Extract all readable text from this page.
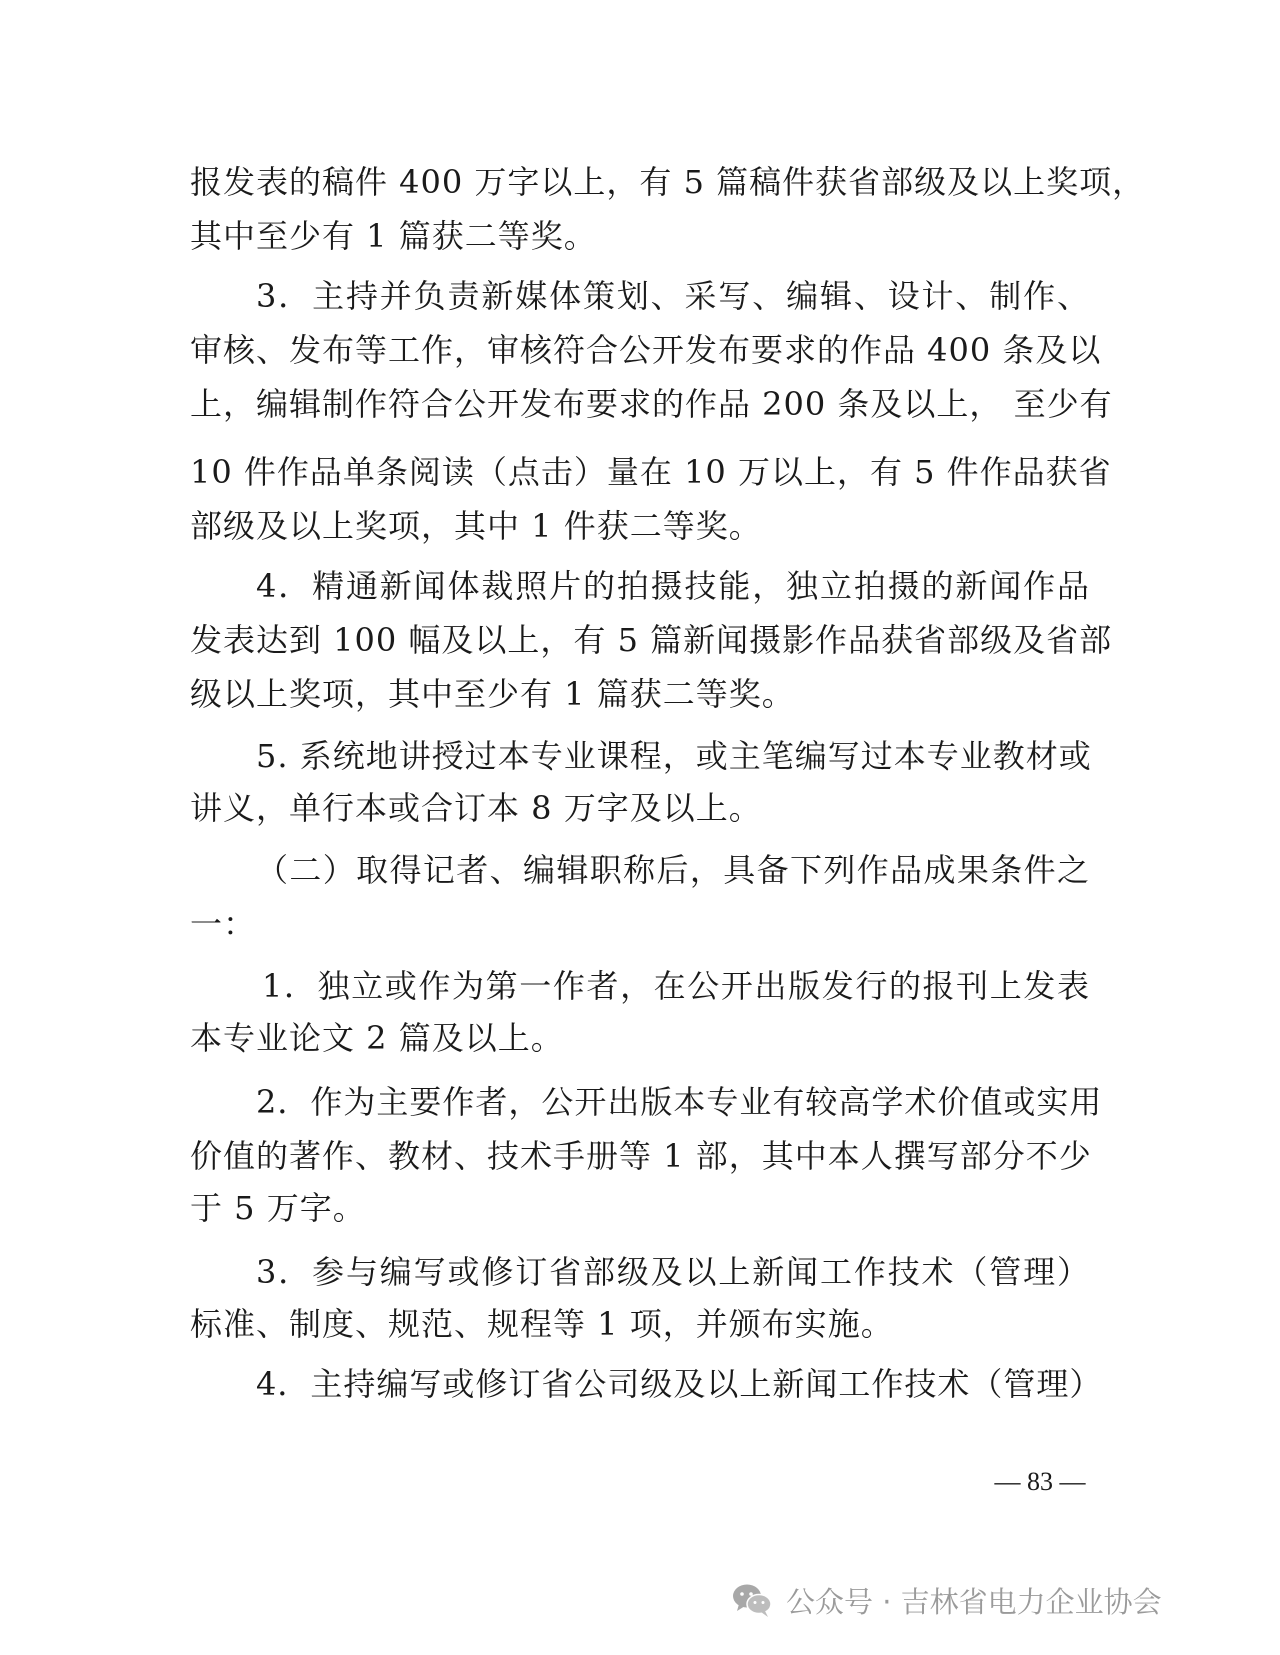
报发表的稿件 400 万字以上，有 5 篇稿件获省部级及以上奖项，
其中至少有 1 篇获二等奖。
3．主持并负责新媒体策划、采写、编辑、设计、制作、
审核、发布等工作，审核符合公开发布要求的作品 400 条及以
上，编辑制作符合公开发布要求的作品 200 条及以上， 至少有
10 件作品单条阅读（点击）量在 10 万以上，有 5 件作品获省
部级及以上奖项，其中 1 件获二等奖。
4．精通新闻体裁照片的拍摄技能，独立拍摄的新闻作品
发表达到 100 幅及以上，有 5 篇新闻摄影作品获省部级及省部
级以上奖项，其中至少有 1 篇获二等奖。
5. 系统地讲授过本专业课程，或主笔编写过本专业教材或
讲义，单行本或合订本 8 万字及以上。
（二）取得记者、编辑职称后，具备下列作品成果条件之
一：
1．独立或作为第一作者，在公开出版发行的报刊上发表
本专业论文 2 篇及以上。
2．作为主要作者，公开出版本专业有较高学术价值或实用
价值的著作、教材、技术手册等 1 部，其中本人撰写部分不少
于 5 万字。
3．参与编写或修订省部级及以上新闻工作技术（管理）
标准、制度、规范、规程等 1 项，并颁布实施。
4．主持编写或修订省公司级及以上新闻工作技术（管理）
— 83 —
公众号 · 吉林省电力企业协会
